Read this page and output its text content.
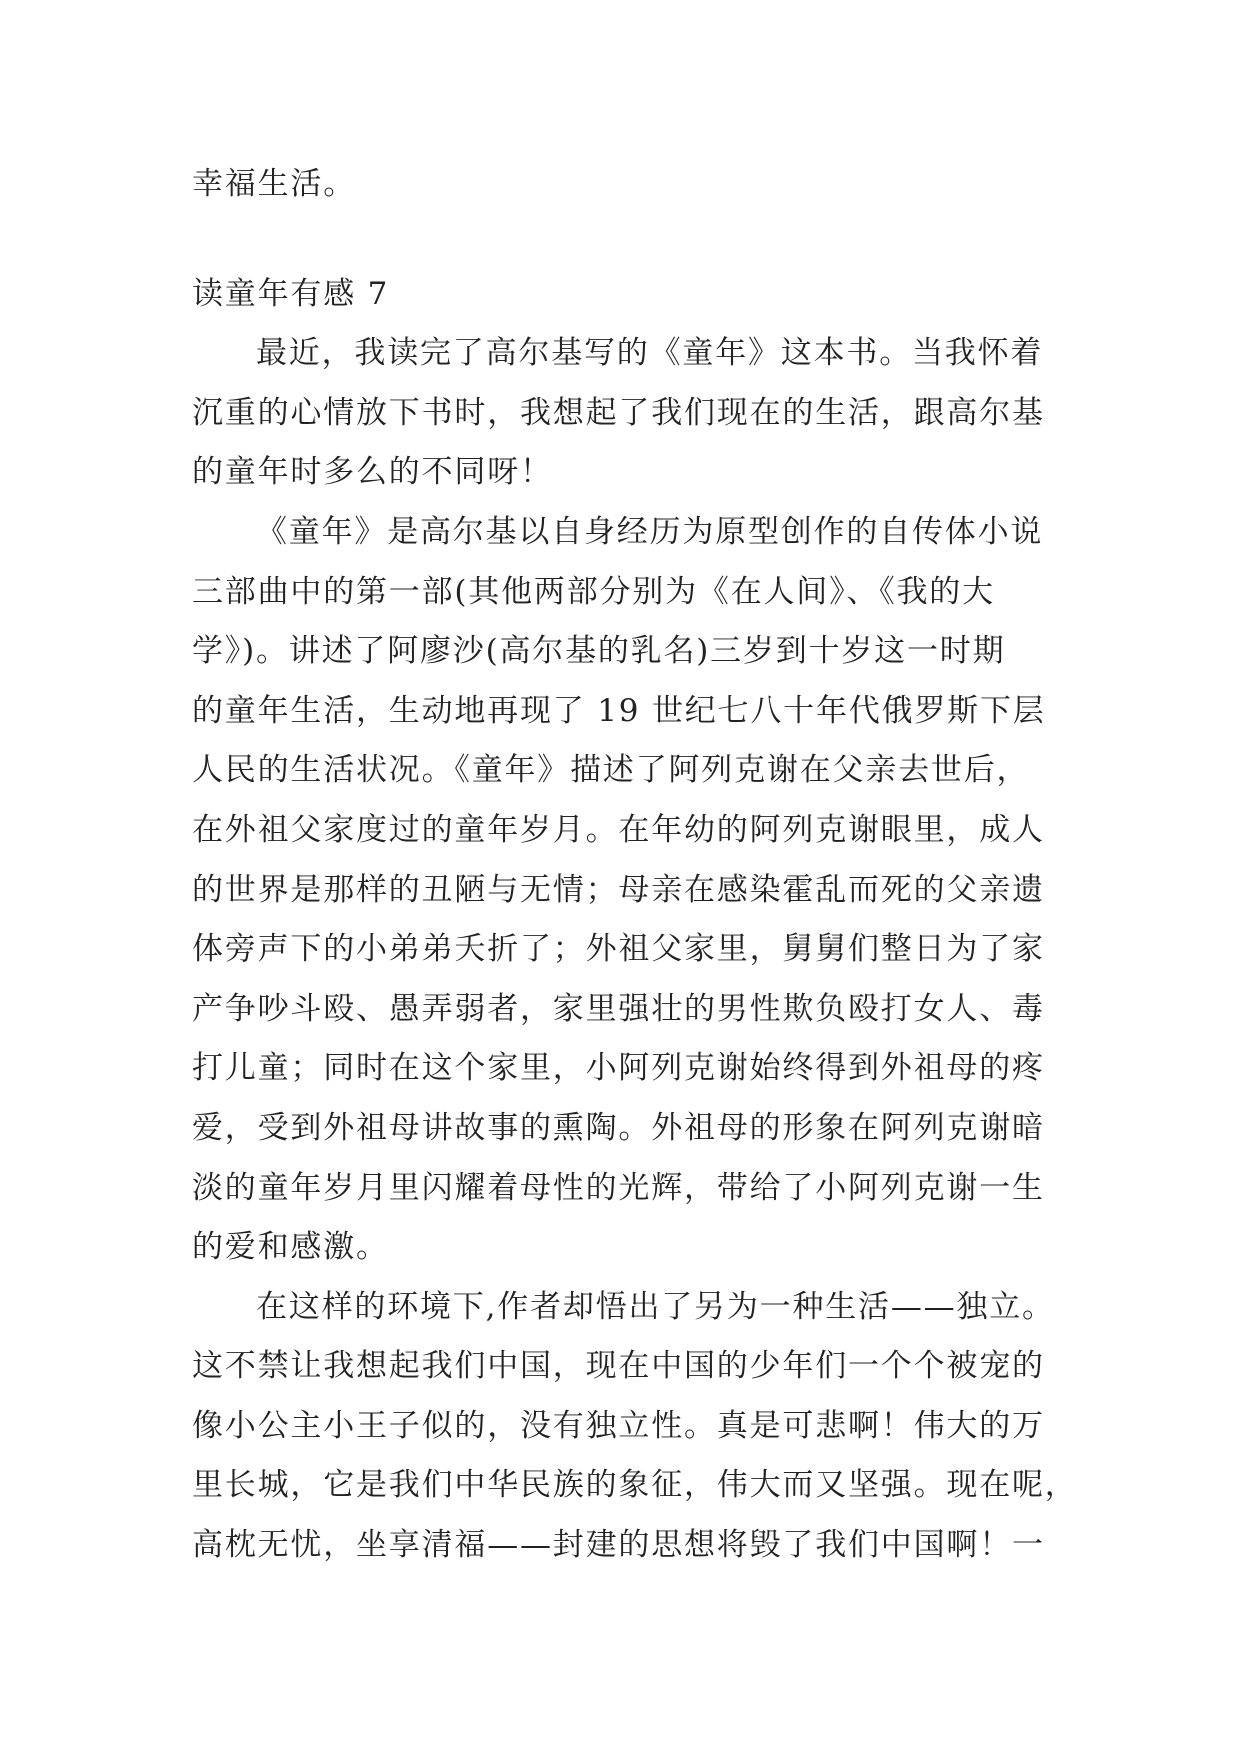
幸福生活。

读童年有感 7

最近，我读完了高尔基写的《童年》这本书。当我怀着

沉重的心情放下书时，我想起了我们现在的生活，跟高尔基

的童年时多么的不同呀！

《童年》是高尔基以自身经历为原型创作的自传体小说

三部曲中的第一部(其他两部分别为《在人间》、《我的大

学》)。讲述了阿廖沙(高尔基的乳名)三岁到十岁这一时期

的童年生活，生动地再现了 19 世纪七八十年代俄罗斯下层

人民的生活状况。《童年》描述了阿列克谢在父亲去世后，

在外祖父家度过的童年岁月。在年幼的阿列克谢眼里，成人

的世界是那样的丑陋与无情；母亲在感染霍乱而死的父亲遗

体旁声下的小弟弟夭折了；外祖父家里，舅舅们整日为了家

产争吵斗殴、愚弄弱者，家里强壮的男性欺负殴打女人、毒

打儿童；同时在这个家里，小阿列克谢始终得到外祖母的疼

爱，受到外祖母讲故事的熏陶。外祖母的形象在阿列克谢暗

淡的童年岁月里闪耀着母性的光辉，带给了小阿列克谢一生

的爱和感激。

在这样的环境下,作者却悟出了另为一种生活——独立。

这不禁让我想起我们中国，现在中国的少年们一个个被宠的

像小公主小王子似的，没有独立性。真是可悲啊！伟大的万

里长城，它是我们中华民族的象征，伟大而又坚强。现在呢，

高枕无忧，坐享清福——封建的思想将毁了我们中国啊！一
